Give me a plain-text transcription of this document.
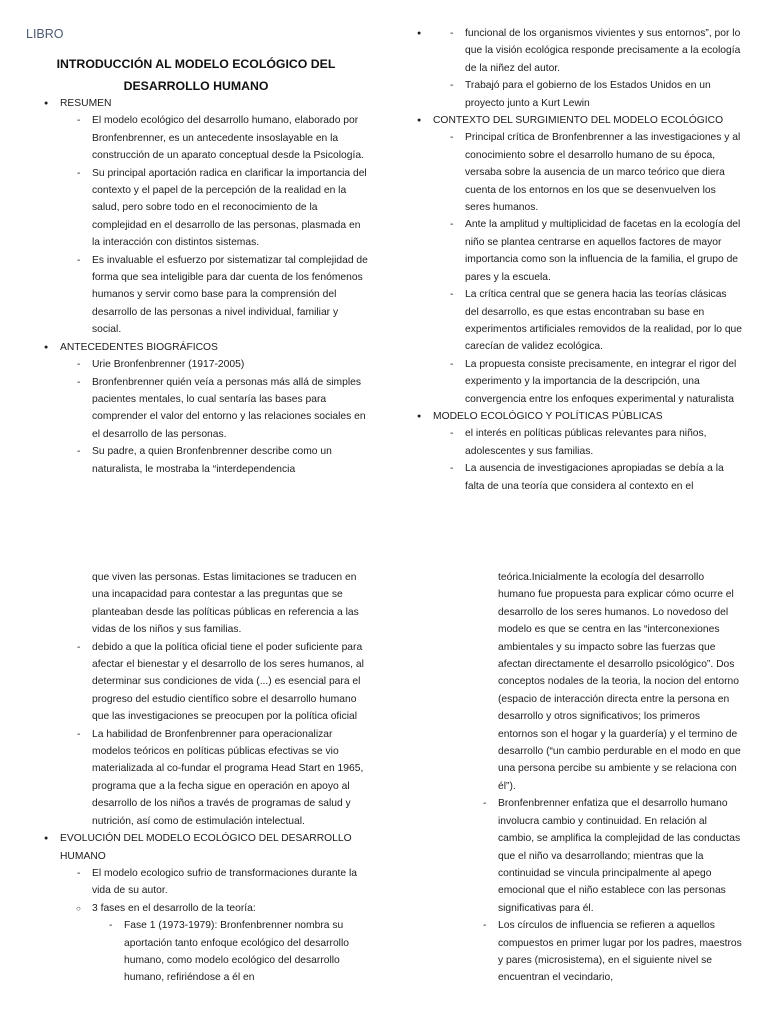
LIBRO
INTRODUCCIÓN AL MODELO ECOLÓGICO DEL DESARROLLO HUMANO
● RESUMEN
- El modelo ecológico del desarrollo humano, elaborado por Bronfenbrenner, es un antecedente insoslayable en la construcción de un aparato conceptual desde la Psicología.
- Su principal aportación radica en clarificar la importancia del contexto y el papel de la percepción de la realidad en la salud, pero sobre todo en el reconocimiento de la complejidad en el desarrollo de las personas, plasmada en la interacción con distintos sistemas.
- Es invaluable el esfuerzo por sistematizar tal complejidad de forma que sea inteligible para dar cuenta de los fenómenos humanos y servir como base para la comprensión del desarrollo de las personas a nivel individual, familiar y social.
● ANTECEDENTES BIOGRÁFICOS
- Urie Bronfenbrenner (1917-2005)
- Bronfenbrenner quién veía a personas más allá de simples pacientes mentales, lo cual sentaría las bases para comprender el valor del entorno y las relaciones sociales en el desarrollo de las personas.
- Su padre, a quien Bronfenbrenner describe como un naturalista, le mostraba la “interdependencia
- ● funcional de los organismos vivientes y sus entornos”, por lo que la visión ecológica responde precisamente a la ecología de la niñez del autor.
- Trabajó para el gobierno de los Estados Unidos en un proyecto junto a Kurt Lewin
● CONTEXTO DEL SURGIMIENTO DEL MODELO ECOLÓGICO
- Principal crítica de Bronfenbrenner a las investigaciones y al conocimiento sobre el desarrollo humano de su época, versaba sobre la ausencia de un marco teórico que diera cuenta de los entornos en los que se desenvuelven los seres humanos.
- Ante la amplitud y multiplicidad de facetas en la ecología del niño se plantea centrarse en aquellos factores de mayor importancia como son la influencia de la familia, el grupo de pares y la escuela.
- La crítica central que se genera hacia las teorías clásicas del desarrollo, es que estas encontraban su base en experimentos artificiales removidos de la realidad, por lo que carecían de validez ecológica.
- La propuesta consiste precisamente, en integrar el rigor del experimento y la importancia de la descripción, una convergencia entre los enfoques experimental y naturalista
● MODELO ECOLÓGICO Y POLÍTICAS PÚBLICAS
- el interés en políticas públicas relevantes para niños, adolescentes y sus familias.
- La ausencia de investigaciones apropiadas se debía a la falta de una teoría que considera al contexto en el
que viven las personas. Estas limitaciones se traducen en una incapacidad para contestar a las preguntas que se planteaban desde las políticas públicas en referencia a las vidas de los niños y sus familias.
- debido a que la política oficial tiene el poder suficiente para afectar el bienestar y el desarrollo de los seres humanos, al determinar sus condiciones de vida (...) es esencial para el progreso del estudio científico sobre el desarrollo humano que las investigaciones se preocupen por la política oficial
- La habilidad de Bronfenbrenner para operacionalizar modelos teóricos en políticas públicas efectivas se vio materializada al co-fundar el programa Head Start en 1965, programa que a la fecha sigue en operación en apoyo al desarrollo de los niños a través de programas de salud y nutrición, así como de estimulación intelectual.
● EVOLUCIÓN DEL MODELO ECOLÓGICO DEL DESARROLLO HUMANO
- El modelo ecologico sufrio de transformaciones durante la vida de su autor.
○ 3 fases en el desarrollo de la teoría:
- Fase 1 (1973-1979): Bronfenbrenner nombra su aportación tanto enfoque ecológico del desarrollo humano, como modelo ecológico del desarrollo humano, refiriéndose a él en
teórica.Inicialmente la ecología del desarrollo humano fue propuesta para explicar cómo ocurre el desarrollo de los seres humanos. Lo novedoso del modelo es que se centra en las “interconexiones ambientales y su impacto sobre las fuerzas que afectan directamente el desarrollo psicológico”. Dos conceptos nodales de la teoria, la nocion del entorno (espacio de interacción directa entre la persona en desarrollo y otros significativos; los primeros entornos son el hogar y la guardería) y el termino de desarrollo (“un cambio perdurable en el modo en que una persona percibe su ambiente y se relaciona con él”).
- Bronfenbrenner enfatiza que el desarrollo humano involucra cambio y continuidad. En relación al cambio, se amplifica la complejidad de las conductas que el niño va desarrollando; mientras que la continuidad se vincula principalmente al apego emocional que el niño establece con las personas significativas para él.
- Los círculos de influencia se refieren a aquellos compuestos en primer lugar por los padres, maestros y pares (microsistema), en el siguiente nivel se encuentran el vecindario,
